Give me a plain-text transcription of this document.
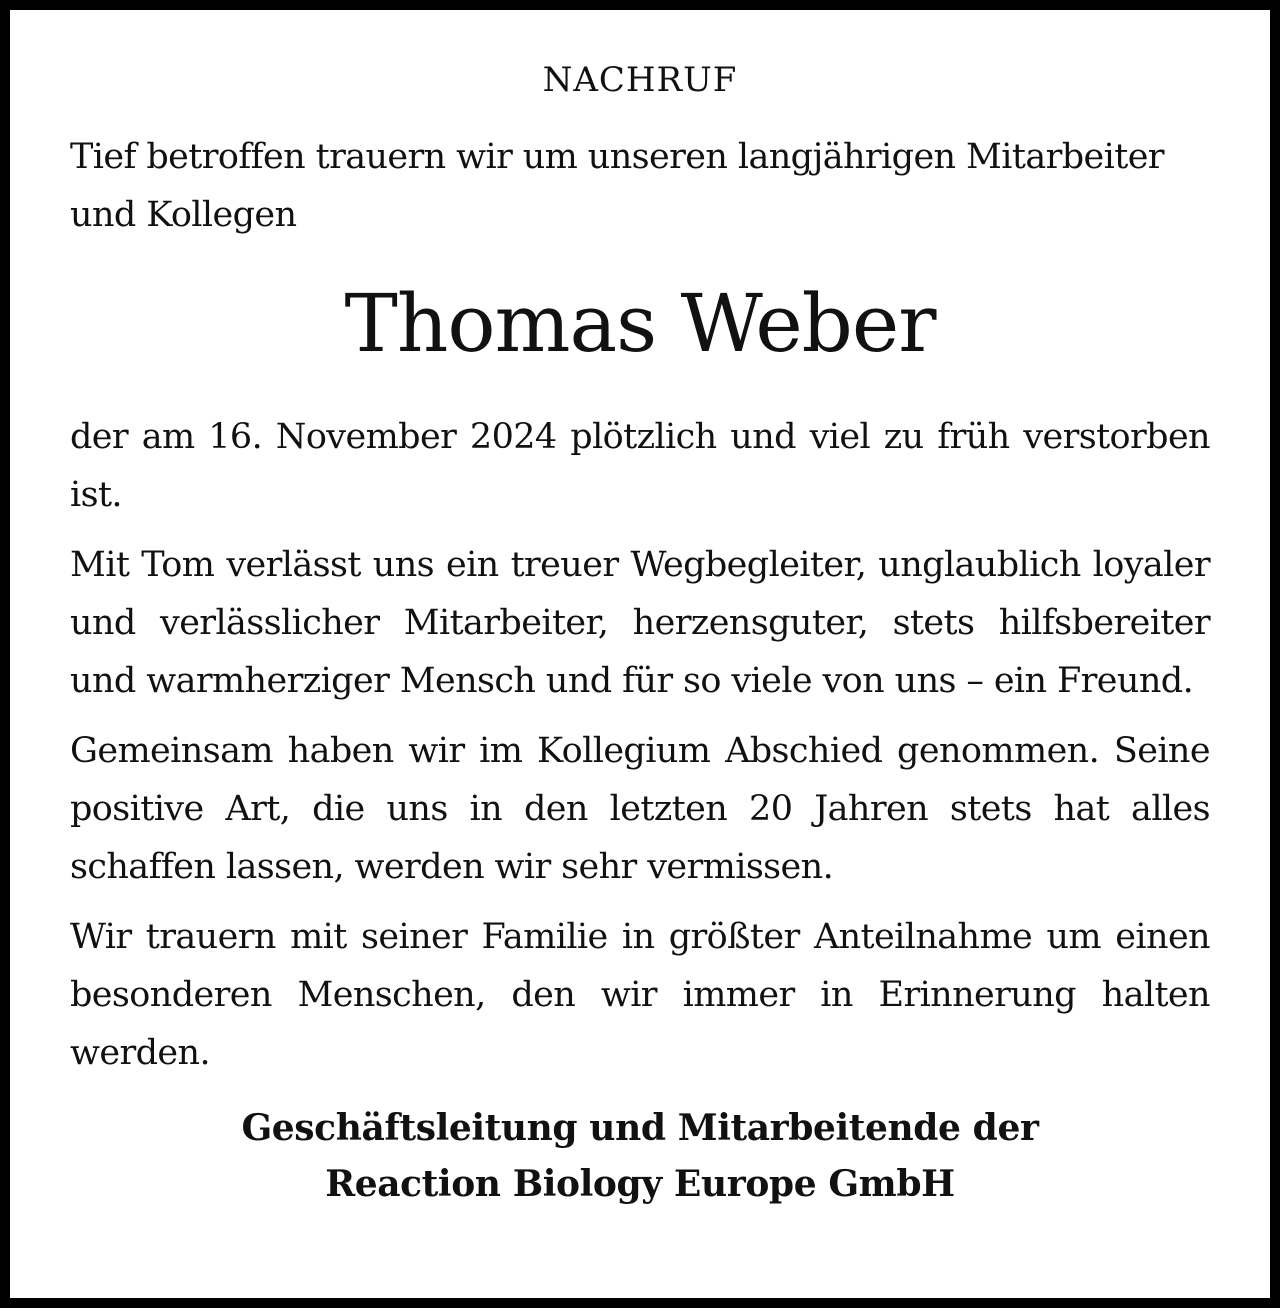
NACHRUF

Tief betroffen trauern wir um unseren langjährigen Mitarbeiter und Kollegen

Thomas Weber

der am 16. November 2024 plötzlich und viel zu früh verstorben ist.

Mit Tom verlässt uns ein treuer Wegbegleiter, unglaublich loyaler und verlässlicher Mitarbeiter, herzensguter, stets hilfsbereiter und warmherziger Mensch und für so viele von uns – ein Freund.

Gemeinsam haben wir im Kollegium Abschied genommen. Seine positive Art, die uns in den letzten 20 Jahren stets hat alles schaffen lassen, werden wir sehr vermissen.

Wir trauern mit seiner Familie in größter Anteilnahme um einen besonderen Menschen, den wir immer in Erinnerung halten werden.

Geschäftsleitung und Mitarbeitende der
Reaction Biology Europe GmbH
